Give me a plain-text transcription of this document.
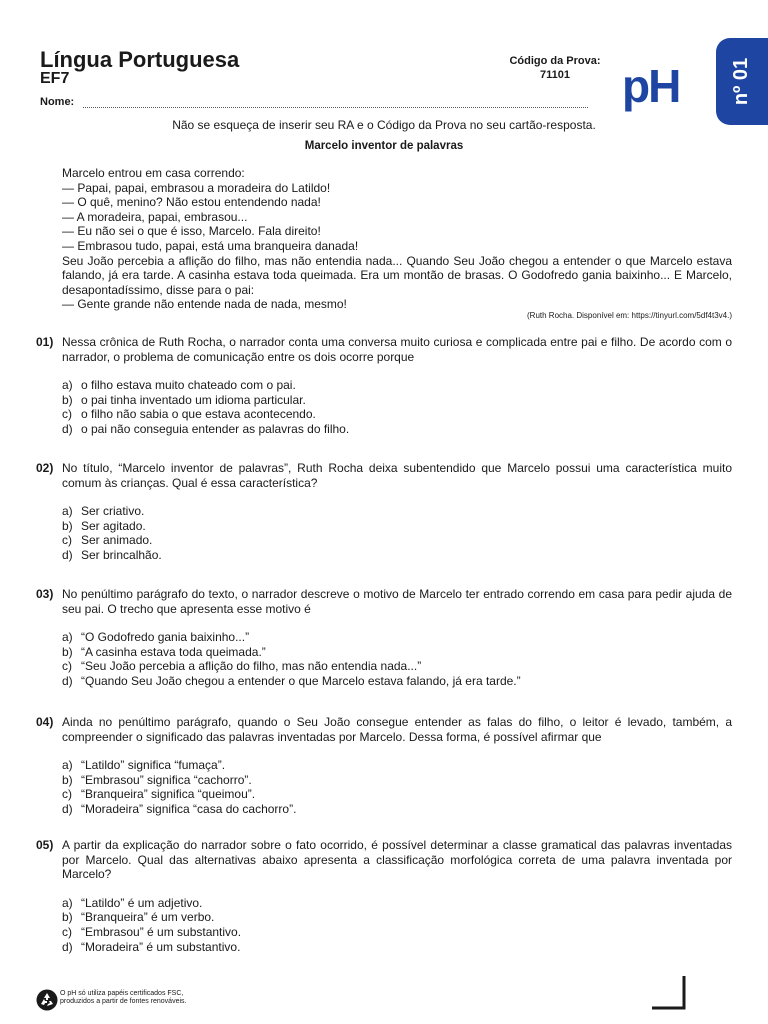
Língua Portuguesa
EF7
Nome:
Código da Prova:
71101	pH	nº 01
Não se esqueça de inserir seu RA e o Código da Prova no seu cartão-resposta.
Marcelo inventor de palavras
Marcelo entrou em casa correndo:
— Papai, papai, embrasou a moradeira do Latildo!
— O quê, menino? Não estou entendendo nada!
— A moradeira, papai, embrasou...
— Eu não sei o que é isso, Marcelo. Fala direito!
— Embrasou tudo, papai, está uma branqueira danada!

Seu João percebia a aflição do filho, mas não entendia nada... Quando Seu João chegou a entender o que Marcelo estava falando, já era tarde. A casinha estava toda queimada. Era um montão de brasas. O Godofredo gania baixinho... E Marcelo, desapontadíssimo, disse para o pai:

— Gente grande não entende nada de nada, mesmo!
(Ruth Rocha. Disponível em: https://tinyurl.com/5df4t3v4.)
01) Nessa crônica de Ruth Rocha, o narrador conta uma conversa muito curiosa e complicada entre pai e filho. De acordo com o narrador, o problema de comunicação entre os dois ocorre porque
a) o filho estava muito chateado com o pai.
b) o pai tinha inventado um idioma particular.
c) o filho não sabia o que estava acontecendo.
d) o pai não conseguia entender as palavras do filho.
02) No título, “Marcelo inventor de palavras”, Ruth Rocha deixa subentendido que Marcelo possui uma característica muito comum às crianças. Qual é essa característica?
a) Ser criativo.
b) Ser agitado.
c) Ser animado.
d) Ser brincalhão.
03) No penúltimo parágrafo do texto, o narrador descreve o motivo de Marcelo ter entrado correndo em casa para pedir ajuda de seu pai. O trecho que apresenta esse motivo é
a) “O Godofredo gania baixinho...”
b) “A casinha estava toda queimada.”
c) “Seu João percebia a aflição do filho, mas não entendia nada...”
d) “Quando Seu João chegou a entender o que Marcelo estava falando, já era tarde.”
04) Ainda no penúltimo parágrafo, quando o Seu João consegue entender as falas do filho, o leitor é levado, também, a compreender o significado das palavras inventadas por Marcelo. Dessa forma, é possível afirmar que
a) “Latildo” significa “fumaça”.
b) “Embrasou” significa “cachorro”.
c) “Branqueira” significa “queimou”.
d) “Moradeira” significa “casa do cachorro”.
05) A partir da explicação do narrador sobre o fato ocorrido, é possível determinar a classe gramatical das palavras inventadas por Marcelo. Qual das alternativas abaixo apresenta a classificação morfológica correta de uma palavra inventada por Marcelo?
a) “Latildo” é um adjetivo.
b) “Branqueira” é um verbo.
c) “Embrasou” é um substantivo.
d) “Moradeira” é um substantivo.
O pH só utiliza papéis certificados FSC,
produzidos a partir de fontes renováveis.
